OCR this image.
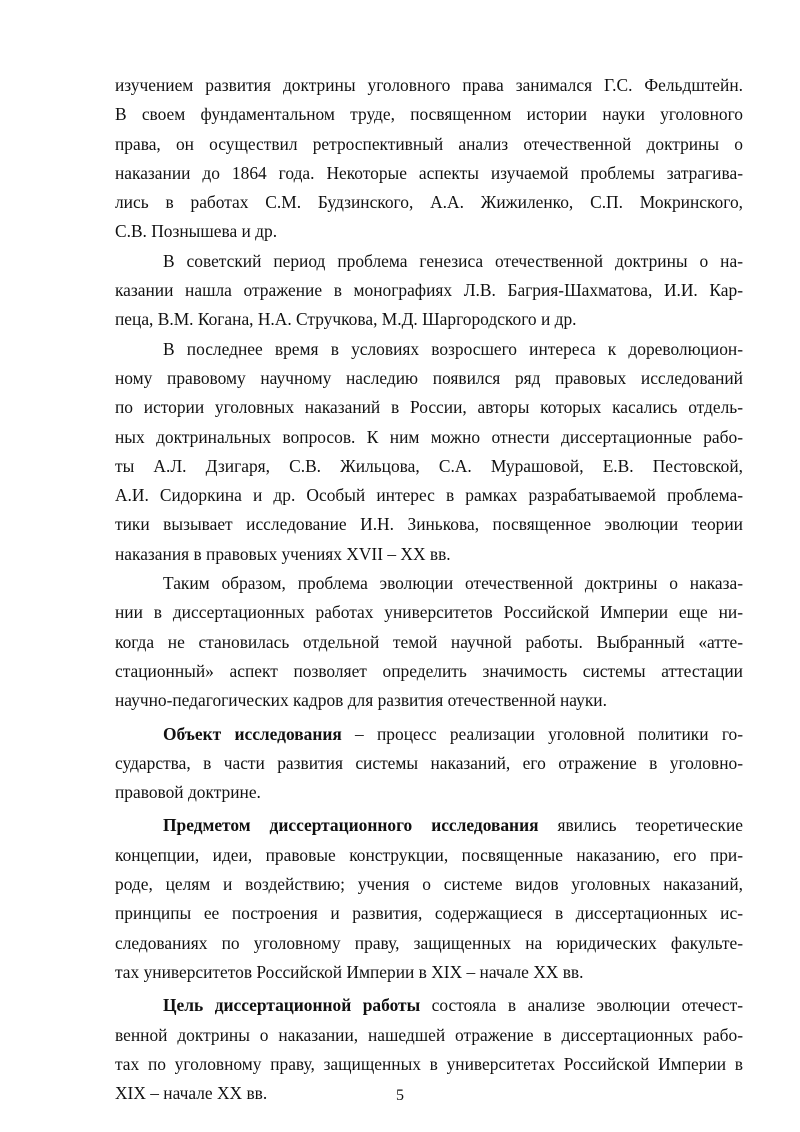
изучением развития доктрины уголовного права занимался Г.С. Фельдштейн.
В своем фундаментальном труде, посвященном истории науки уголовного
права, он осуществил ретроспективный анализ отечественной доктрины о
наказании до 1864 года. Некоторые аспекты изучаемой проблемы затрагива-
лись в работах С.М. Будзинского, А.А. Жижиленко, С.П. Мокринского,
С.В. Познышева и др.
В советский период проблема генезиса отечественной доктрины о на-
казании нашла отражение в монографиях Л.В. Багрия-Шахматова, И.И. Кар-
пеца, В.М. Когана, Н.А. Стручкова, М.Д. Шаргородского и др.
В последнее время в условиях возросшего интереса к дореволюцион-
ному правовому научному наследию появился ряд правовых исследований
по истории уголовных наказаний в России, авторы которых касались отдель-
ных доктринальных вопросов. К ним можно отнести диссертационные рабо-
ты А.Л. Дзигаря, С.В. Жильцова, С.А. Мурашовой, Е.В. Пестовской,
А.И. Сидоркина и др. Особый интерес в рамках разрабатываемой проблема-
тики вызывает исследование И.Н. Зинькова, посвященное эволюции теории
наказания в правовых учениях XVII – XX вв.
Таким образом, проблема эволюции отечественной доктрины о наказа-
нии в диссертационных работах университетов Российской Империи еще ни-
когда не становилась отдельной темой научной работы. Выбранный «атте-
стационный» аспект позволяет определить значимость системы аттестации
научно-педагогических кадров для развития отечественной науки.
Объект исследования – процесс реализации уголовной политики го-
сударства, в части развития системы наказаний, его отражение в уголовно-
правовой доктрине.
Предметом диссертационного исследования явились теоретические
концепции, идеи, правовые конструкции, посвященные наказанию, его при-
роде, целям и воздействию; учения о системе видов уголовных наказаний,
принципы ее построения и развития, содержащиеся в диссертационных ис-
следованиях по уголовному праву, защищенных на юридических факульте-
тах университетов Российской Империи в XIX – начале XX вв.
Цель диссертационной работы состояла в анализе эволюции отечест-
венной доктрины о наказании, нашедшей отражение в диссертационных рабо-
тах по уголовному праву, защищенных в университетах Российской Империи в
XIX – начале XX вв.	5
